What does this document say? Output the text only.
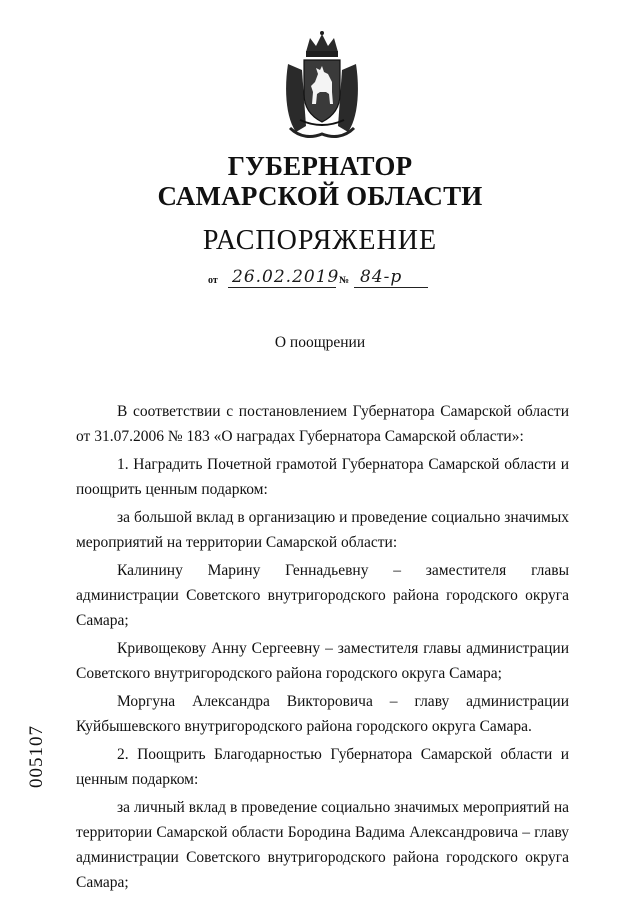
ГУБЕРНАТОР
САМАРСКОЙ ОБЛАСТИ
РАСПОРЯЖЕНИЕ
от 26.02.2019 № 84-р
О поощрении

В соответствии с постановлением Губернатора Самарской области от 31.07.2006 № 183 «О наградах Губернатора Самарской области»:

1. Наградить Почетной грамотой Губернатора Самарской области и поощрить ценным подарком:

за большой вклад в организацию и проведение социально значимых мероприятий на территории Самарской области:

Калинину Марину Геннадьевну – заместителя главы администрации Советского внутригородского района городского округа Самара;

Кривощекову Анну Сергеевну – заместителя главы администрации Советского внутригородского района городского округа Самара;

Моргуна Александра Викторовича – главу администрации Куйбышевского внутригородского района городского округа Самара.

2. Поощрить Благодарностью Губернатора Самарской области и ценным подарком:

за личный вклад в проведение социально значимых мероприятий на территории Самарской области Бородина Вадима Александровича – главу администрации Советского внутригородского района городского округа Самара;

005107
